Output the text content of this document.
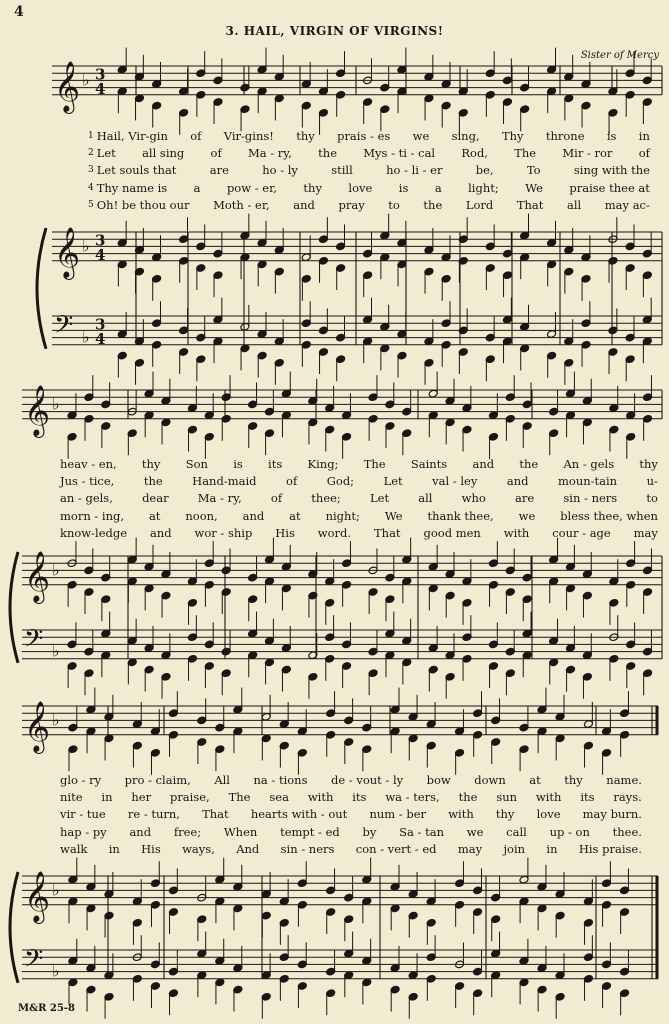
4
3. HAIL, VIRGIN OF VIRGINS!
Sister of Mercy
𝄞 ♭ 3
4
𝄞
𝄢
♭
♭
3
4
3
4
𝄞 ♭
𝄞
𝄢
♭
♭
𝄞 ♭
𝄞
𝄢
♭
♭
1 Hail, Vir-gin of Vir-gins! thy prais - es we sing, Thy throne is in
2 Let all sing of Ma - ry, the Mys - ti - cal Rod, The Mir - ror of
3 Let souls that	are	ho - ly	still	ho - li - er	be,	To	sing with the
4 Thy name is a pow - er, thy love is a light; We praise thee at
5 Oh! be thou our Moth - er, and pray to the Lord That all may ac-
heav - en, thy Son is its King; The Saints and the An - gels thy
Jus - tice,	the	Hand-maid	of	God;	Let	val - ley	and	moun-tain	u-
an - gels,	dear	Ma - ry,	of	thee;	Let	all	who	are	sin - ners	to
morn - ing, at noon, and at night; We thank thee, we bless thee, when
know-ledge and wor - ship His word. That good men with cour - age may
glo - ry pro - claim, All na - tions de - vout - ly bow down at thy name.
nite in her praise, The sea with its wa - ters, the sun with its rays.
vir - tue re - turn, That hearts with - out num - ber with thy love may burn.
hap - py and free; When tempt - ed by Sa - tan we call up - on thee.
walk in His ways, And sin - ners con - vert - ed may join in His praise.
M&R 25-8
